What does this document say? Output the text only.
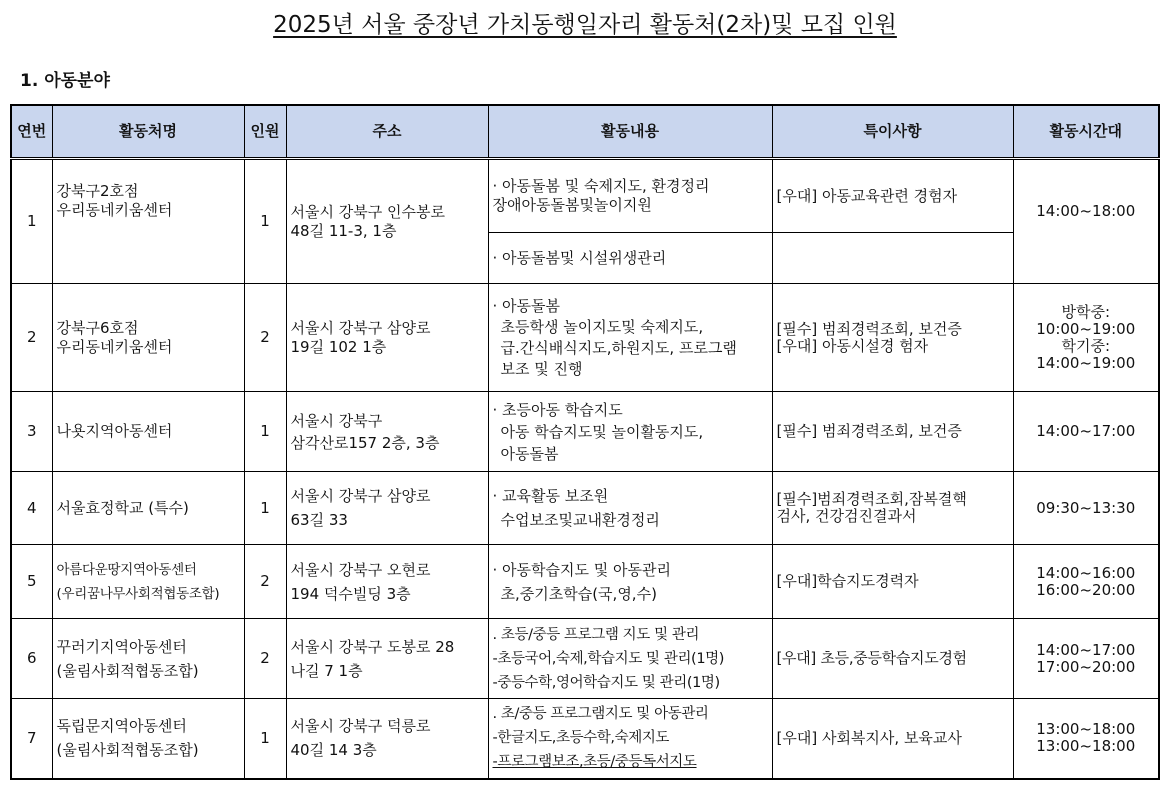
2025년 서울 중장년 가치동행일자리 활동처(2차)및 모집 인원
1. 아동분야
연번	활동처명	인원	주소	활동내용	특이사항	활동시간대
1	강북구2호점
우리동네키움센터	1	서울시 강북구 인수봉로
48길 11-3, 1층	· 아동돌봄 및 숙제지도, 환경정리
장애아동돌봄및놀이지원	[우대] 아동교육관련 경험자	14:00~18:00

				· 아동돌봄및 시설위생관리		

2	강북구6호점
우리동네키움센터	2	서울시 강북구 삼양로
19길 102 1층	· 아동돌봄
초등학생 놀이지도및 숙제지도,
급.간식배식지도,하원지도, 프로그램
보조 및 진행	[필수] 범죄경력조회, 보건증
[우대] 아동시설경 험자	방학중:
10:00~19:00
학기중:
14:00~19:00

3	나욧지역아동센터	1	서울시 강북구
삼각산로157 2층, 3층	· 초등아동 학습지도
아동 학습지도및 놀이활동지도,
아동돌봄	[필수] 범죄경력조회, 보건증	14:00~17:00

4	서울효정학교 (특수)	1	서울시 강북구 삼양로
63길 33	· 교육활동 보조원
수업보조및교내환경정리	[필수]범죄경력조회,잠복결핵
검사, 건강검진결과서	09:30~13:30

5	아름다운땅지역아동센터
(우리꿈나무사회적협동조합)	2	서울시 강북구 오현로
194 덕수빌딩 3층	· 아동학습지도 및 아동관리
초,중기초학습(국,영,수)	[우대]학습지도경력자	14:00~16:00
16:00~20:00

6	꾸러기지역아동센터
(울림사회적협동조합)	2	서울시 강북구 도봉로 28
나길 7 1층	. 초등/중등 프로그램 지도 및 관리
-초등국어,숙제,학습지도 및 관리(1명)
-중등수학,영어학습지도 및 관리(1명)	[우대] 초등,중등학습지도경험	14:00~17:00
17:00~20:00

7	독립문지역아동센터
(울림사회적협동조합)	1	서울시 강북구 덕릉로
40길 14 3층	. 초/중등 프로그램지도 및 아동관리
-한글지도,초등수학,숙제지도
-프로그램보조,초등/중등독서지도	[우대] 사회복지사, 보육교사	13:00~18:00
13:00~18:00
